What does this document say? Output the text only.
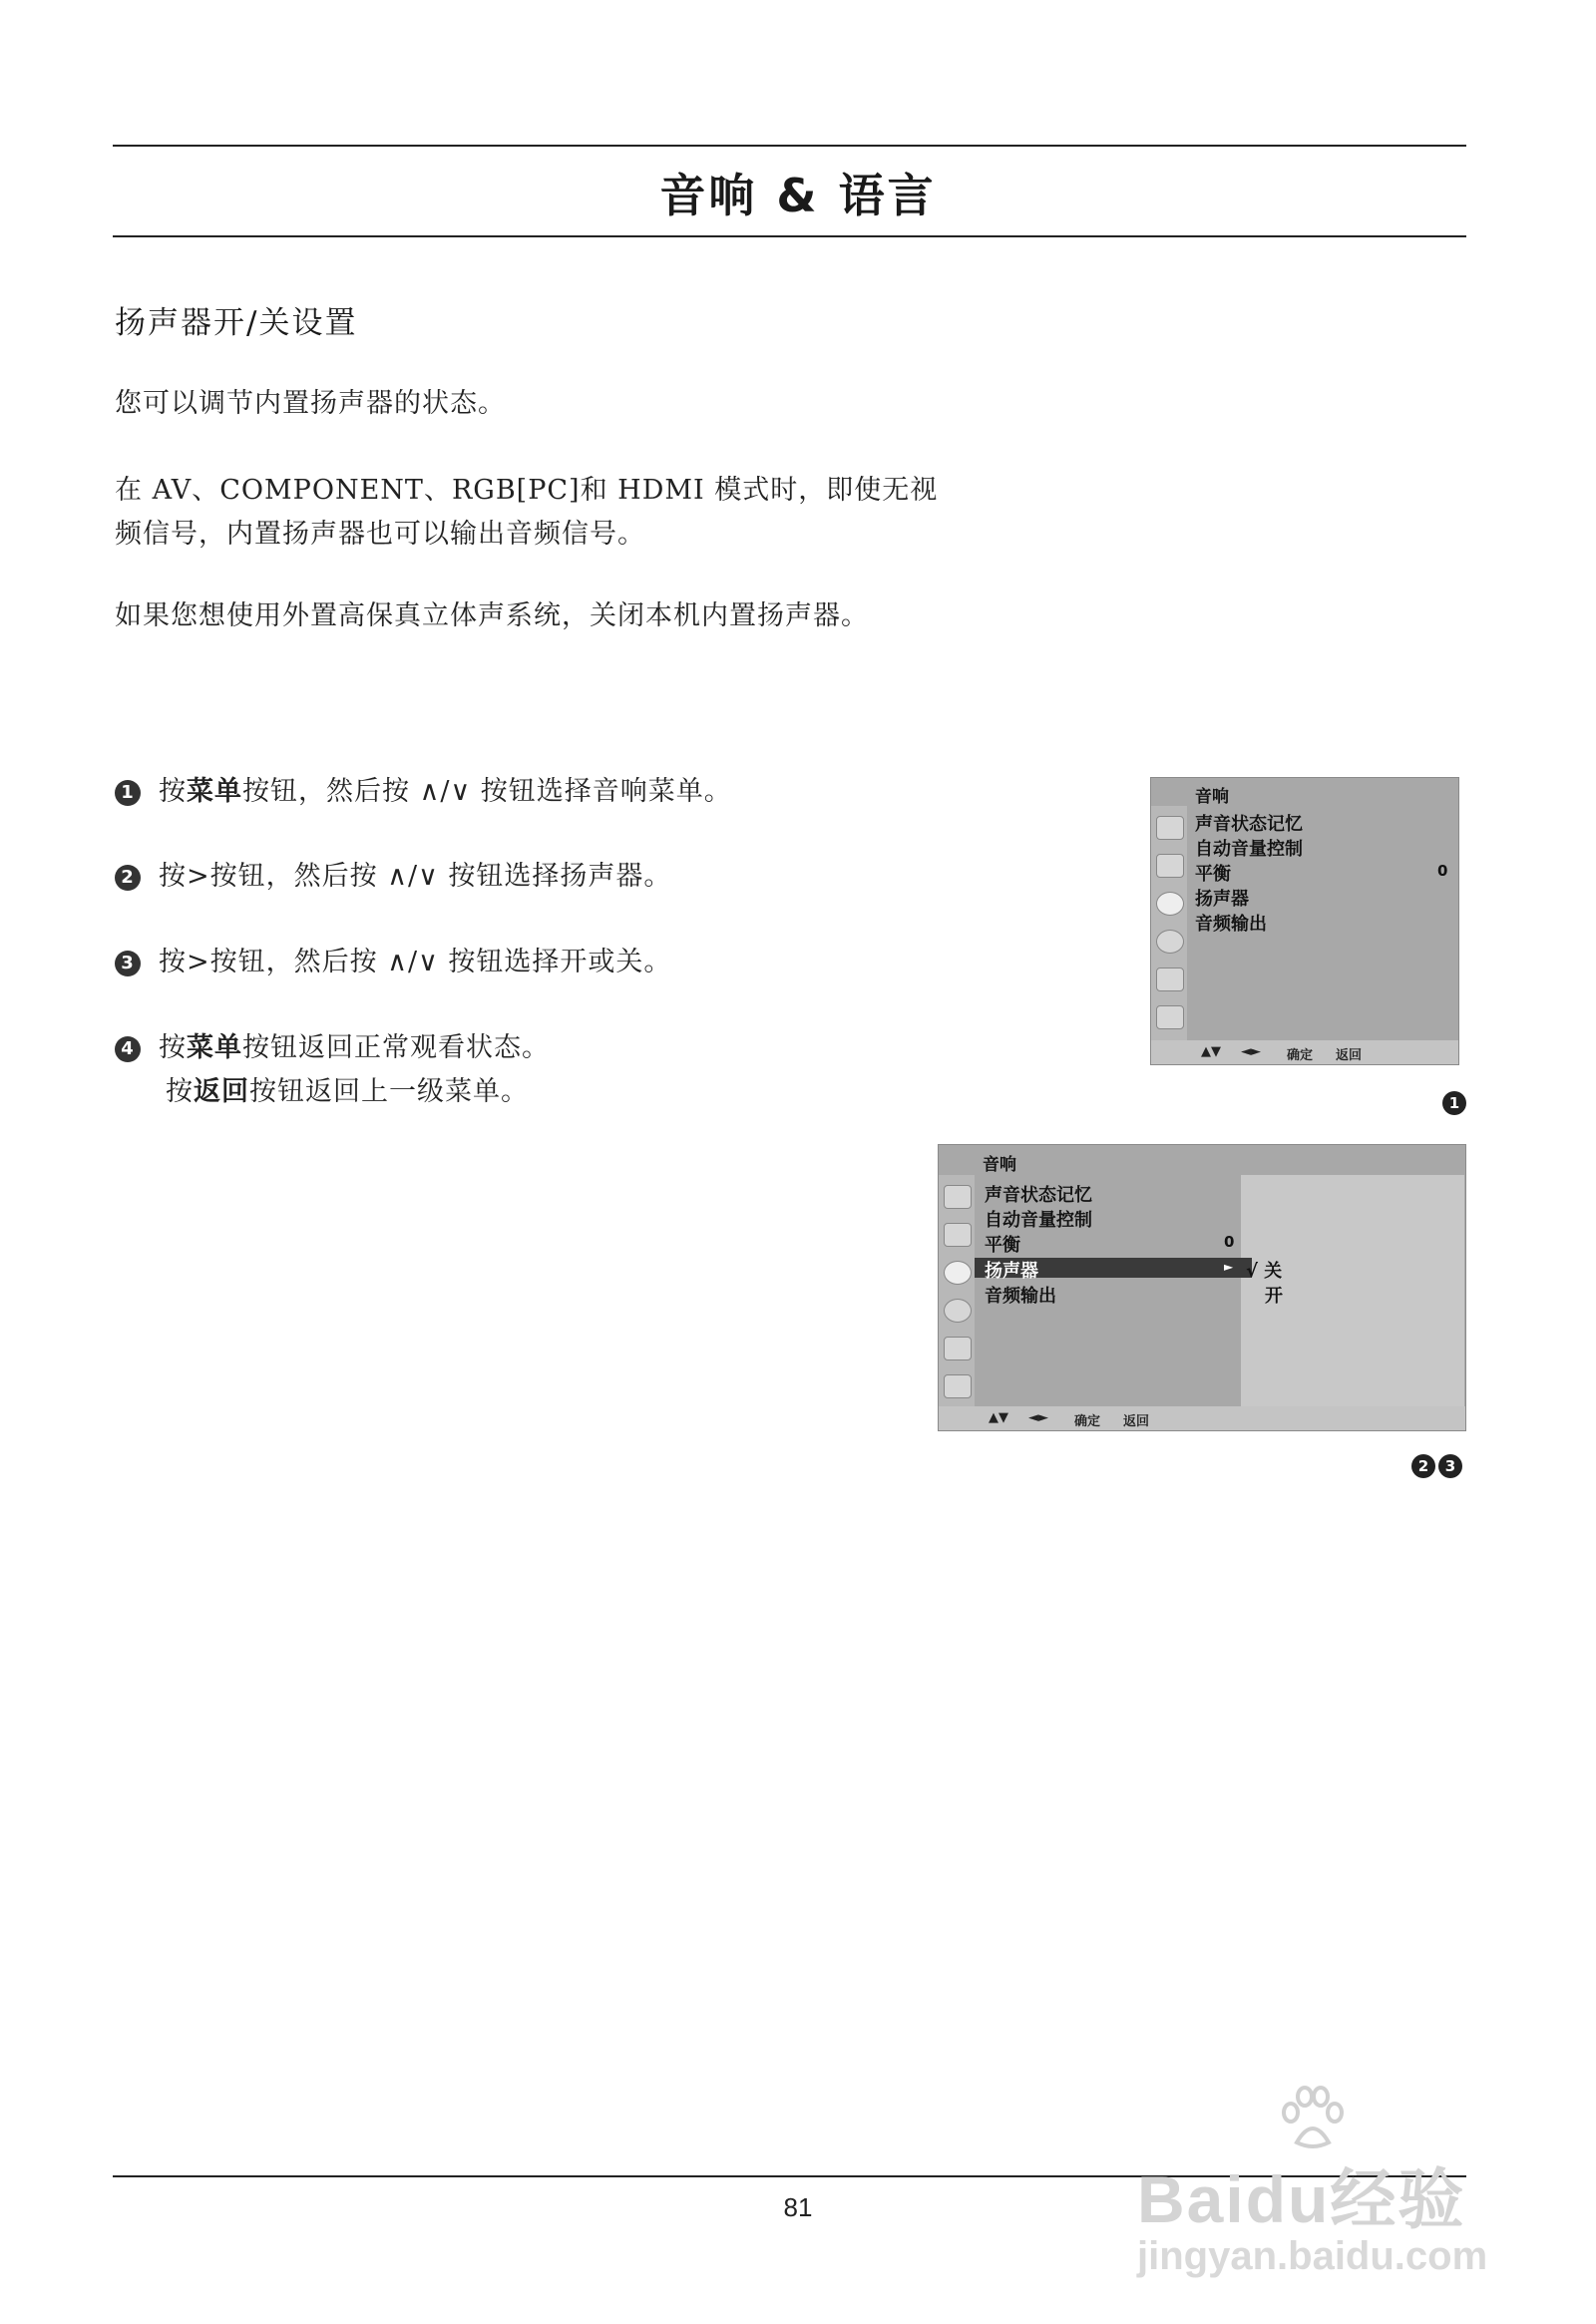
音响 & 语言
扬声器开/关设置
您可以调节内置扬声器的状态。
在 AV、COMPONENT、RGB[PC]和 HDMI 模式时，即使无视
频信号，内置扬声器也可以输出音频信号。
如果您想使用外置高保真立体声系统，关闭本机内置扬声器。
1 按菜单按钮，然后按 ∧/∨ 按钮选择音响菜单。
2 按>按钮，然后按 ∧/∨ 按钮选择扬声器。
3 按>按钮，然后按 ∧/∨ 按钮选择开或关。
4 按菜单按钮返回正常观看状态。
按返回按钮返回上一级菜单。
音响
声音状态记忆
自动音量控制
平衡	0
扬声器
音频输出
▲▼ ◄► 确定 返回
1
音响
声音状态记忆
自动音量控制
平衡	0
扬声器	►
音频输出
√ 关
开
▲▼ ◄► 确定 返回
2 3
81	Baidu经验
jingyan.baidu.com
